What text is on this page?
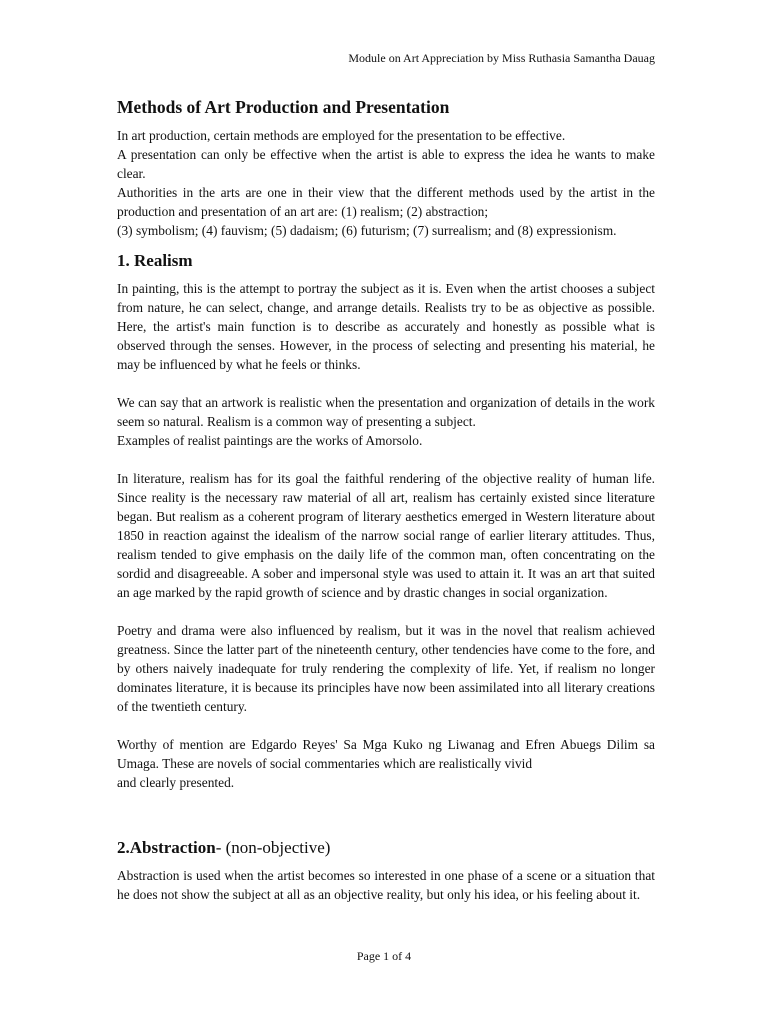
Module on Art Appreciation by Miss Ruthasia Samantha Dauag
Methods of Art Production and Presentation

In art production, certain methods are employed for the presentation to be effective.

A presentation can only be effective when the artist is able to express the idea he wants to make clear.

Authorities in the arts are one in their view that the different methods used by the artist in the production and presentation of an art are: (1) realism; (2) abstraction;

(3) symbolism; (4) fauvism; (5) dadaism; (6) futurism; (7) surrealism; and (8) expressionism.

1. Realism

In painting, this is the attempt to portray the subject as it is. Even when the artist chooses a subject from nature, he can select, change, and arrange details. Realists try to be as objective as possible. Here, the artist's main function is to describe as accurately and honestly as possible what is observed through the senses. However, in the process of selecting and presenting his material, he may be influenced by what he feels or thinks.

We can say that an artwork is realistic when the presentation and organization of details in the work seem so natural. Realism is a common way of presenting a subject.

Examples of realist paintings are the works of Amorsolo.

In literature, realism has for its goal the faithful rendering of the objective reality of human life. Since reality is the necessary raw material of all art, realism has certainly existed since literature began. But realism as a coherent program of literary aesthetics emerged in Western literature about 1850 in reaction against the idealism of the narrow social range of earlier literary attitudes. Thus, realism tended to give emphasis on the daily life of the common man, often concentrating on the sordid and disagreeable. A sober and impersonal style was used to attain it. It was an art that suited an age marked by the rapid growth of science and by drastic changes in social organization.

Poetry and drama were also influenced by realism, but it was in the novel that realism achieved greatness. Since the latter part of the nineteenth century, other tendencies have come to the fore, and by others naively inadequate for truly rendering the complexity of life. Yet, if realism no longer dominates literature, it is because its principles have now been assimilated into all literary creations of the twentieth century.

Worthy of mention are Edgardo Reyes' Sa Mga Kuko ng Liwanag and Efren Abuegs Dilim sa Umaga. These are novels of social commentaries which are realistically vivid

and clearly presented.

2.Abstraction- (non-objective)

Abstraction is used when the artist becomes so interested in one phase of a scene or a situation that he does not show the subject at all as an objective reality, but only his idea, or his feeling about it.

Page 1 of 4
